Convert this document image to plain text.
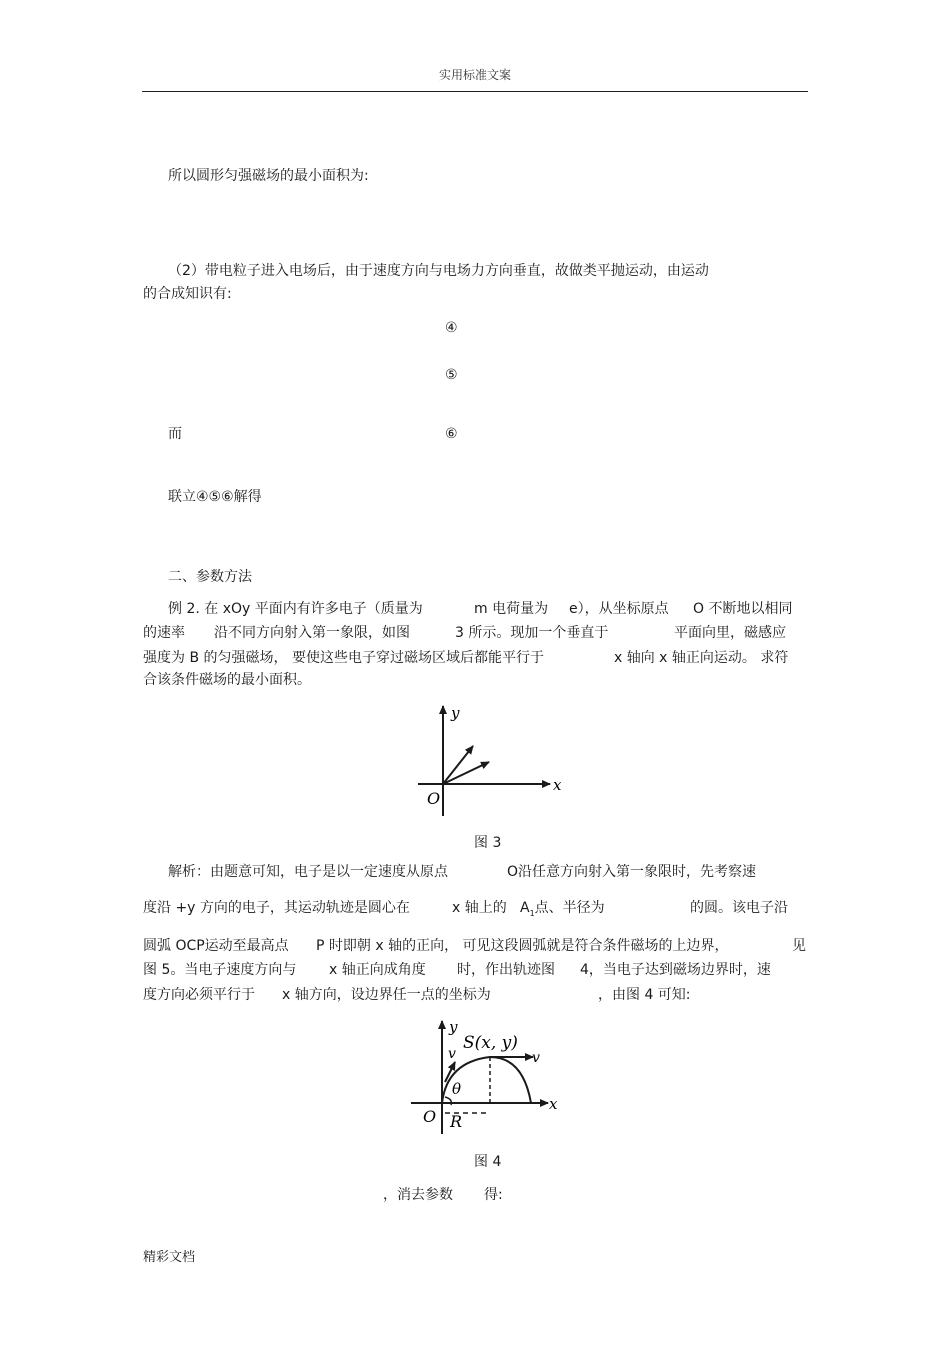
实用标准文案
所以圆形匀强磁场的最小面积为:
（2）带电粒子进入电场后，由于速度方向与电场力方向垂直，故做类平抛运动，由运动
的合成知识有:
④
⑤
而	⑥
联立④⑤⑥解得
二、参数方法
例 2. 在 xOy 平面内有许多电子（质量为	m 电荷量为 e），从坐标原点 O 不断地以相同
的速率 沿不同方向射入第一象限，如图	3 所示。现加一个垂直于	平面向里，磁感应
强度为 B 的匀强磁场， 要使这些电子穿过磁场区域后都能平行于	x 轴向 x 轴正向运动。 求符
合该条件磁场的最小面积。
x
y
O
图 3
解析：由题意可知，电子是以一定速度从原点	O沿任意方向射入第一象限时，先考察速
度沿 +y 方向的电子，其运动轨迹是圆心在	x 轴上的 $A_1$点、半径为	的圆。该电子沿
圆弧 OCP运动至最高点 P 时即朝 x 轴的正向， 可见这段圆弧就是符合条件磁场的上边界，	见
图 5。当电子速度方向与 x 轴正向成角度 时，作出轨迹图 4，当电子达到磁场边界时，速
度方向必须平行于 x 轴方向，设边界任一点的坐标为	，由图 4 可知:
x
y
O
S(x, y)
v	v
θ
R
图 4
，消去参数 得:
精彩文档
